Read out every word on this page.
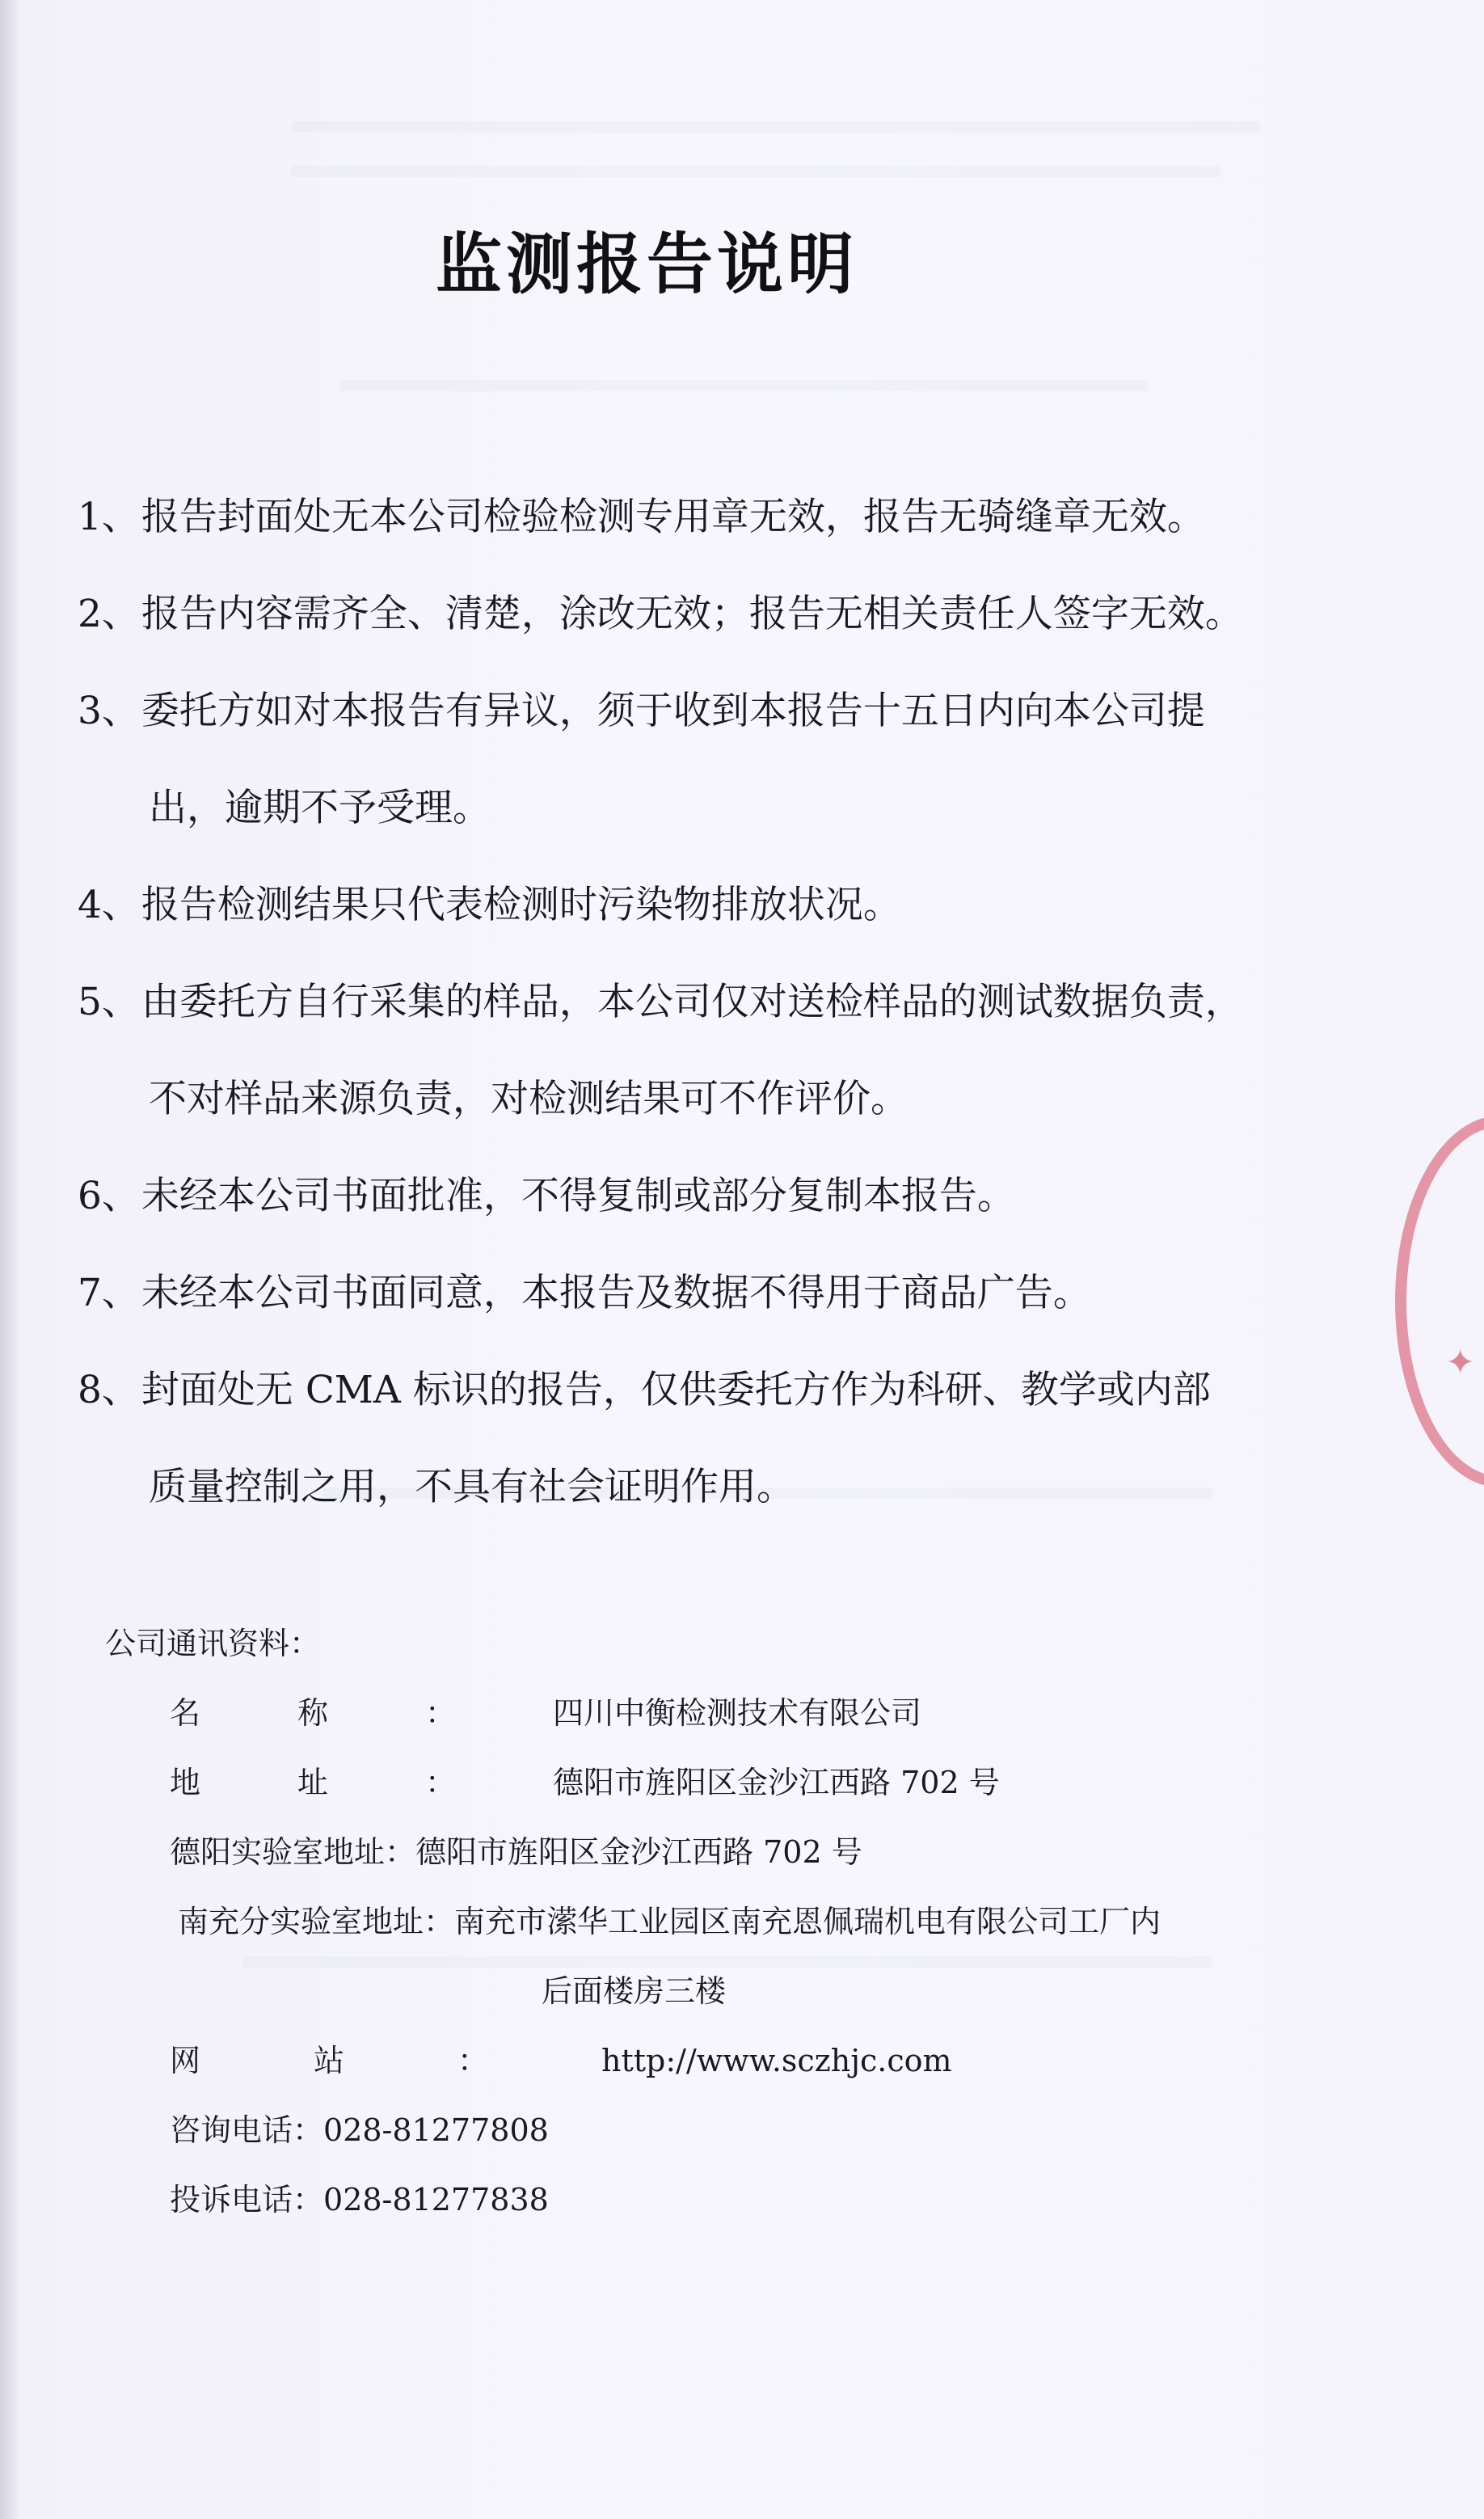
监测报告说明
1、报告封面处无本公司检验检测专用章无效，报告无骑缝章无效。
2、报告内容需齐全、清楚，涂改无效；报告无相关责任人签字无效。
3、委托方如对本报告有异议，须于收到本报告十五日内向本公司提
出，逾期不予受理。
4、报告检测结果只代表检测时污染物排放状况。
5、由委托方自行采集的样品，本公司仅对送检样品的测试数据负责，
不对样品来源负责，对检测结果可不作评价。
6、未经本公司书面批准，不得复制或部分复制本报告。
7、未经本公司书面同意，本报告及数据不得用于商品广告。
8、封面处无 CMA 标识的报告，仅供委托方作为科研、教学或内部
质量控制之用，不具有社会证明作用。
公司通讯资料：
名称：四川中衡检测技术有限公司
地址：德阳市旌阳区金沙江西路 702 号
德阳实验室地址：德阳市旌阳区金沙江西路 702 号
南充分实验室地址：南充市潆华工业园区南充恩佩瑞机电有限公司工厂内
后面楼房三楼
网站：http://www.sczhjc.com
咨询电话：028-81277808
投诉电话：028-81277838
✦
